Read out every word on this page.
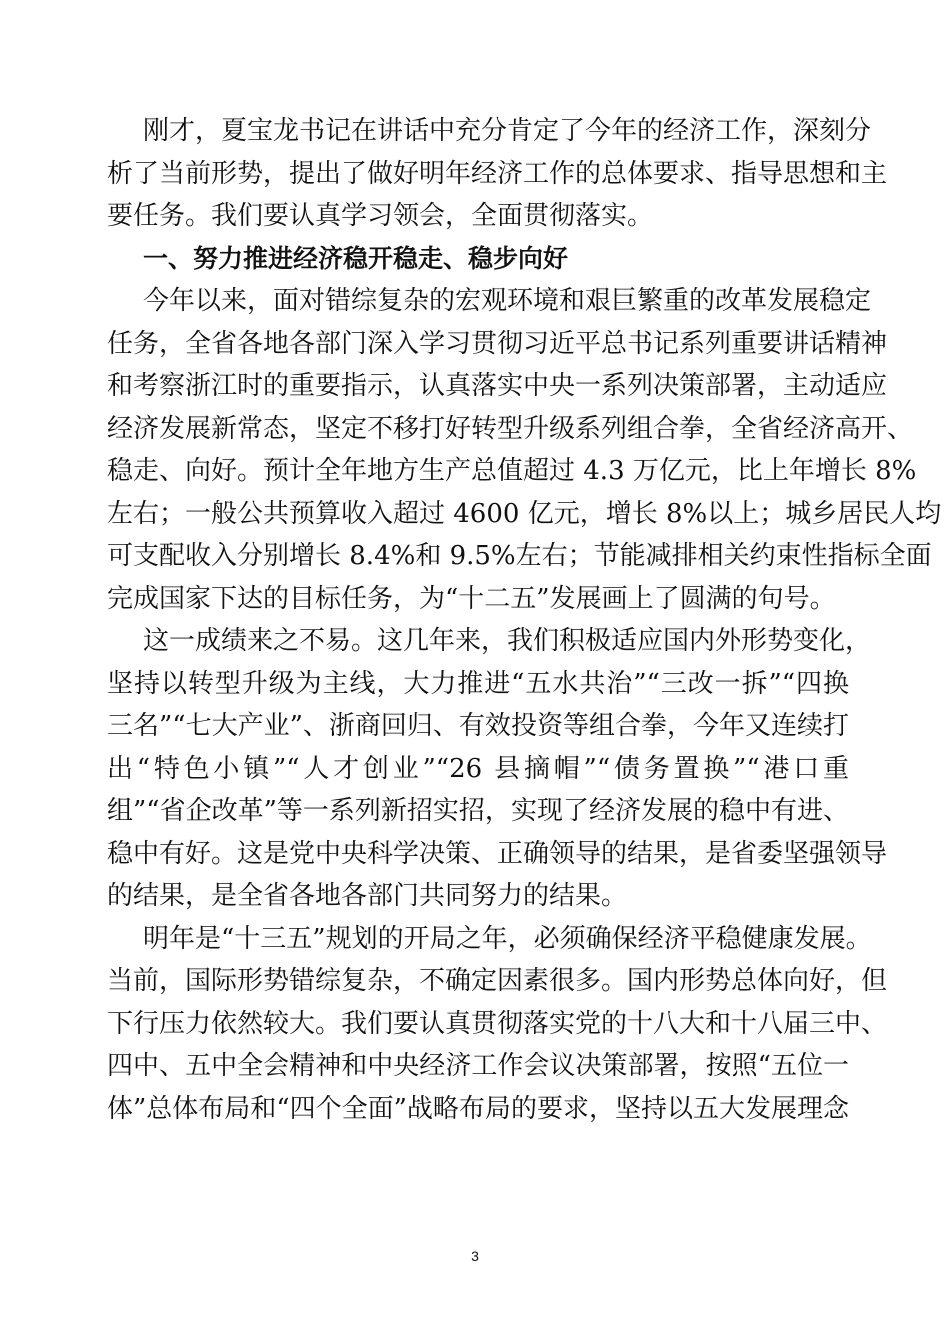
刚才，夏宝龙书记在讲话中充分肯定了今年的经济工作，深刻分
析了当前形势，提出了做好明年经济工作的总体要求、指导思想和主
要任务。我们要认真学习领会，全面贯彻落实。
一、努力推进经济稳开稳走、稳步向好
今年以来，面对错综复杂的宏观环境和艰巨繁重的改革发展稳定
任务，全省各地各部门深入学习贯彻习近平总书记系列重要讲话精神
和考察浙江时的重要指示，认真落实中央一系列决策部署，主动适应
经济发展新常态，坚定不移打好转型升级系列组合拳，全省经济高开、
稳走、向好。预计全年地方生产总值超过 4.3 万亿元，比上年增长 8%
左右；一般公共预算收入超过 4600 亿元，增长 8%以上；城乡居民人均
可支配收入分别增长 8.4%和 9.5%左右；节能减排相关约束性指标全面
完成国家下达的目标任务，为“十二五”发展画上了圆满的句号。
这一成绩来之不易。这几年来，我们积极适应国内外形势变化，
坚持以转型升级为主线，大力推进“五水共治”“三改一拆”“四换
三名”“七大产业”、浙商回归、有效投资等组合拳，今年又连续打
出“特色小镇”“人才创业”“26 县摘帽”“债务置换”“港口重
组”“省企改革”等一系列新招实招，实现了经济发展的稳中有进、
稳中有好。这是党中央科学决策、正确领导的结果，是省委坚强领导
的结果，是全省各地各部门共同努力的结果。
明年是“十三五”规划的开局之年，必须确保经济平稳健康发展。
当前，国际形势错综复杂，不确定因素很多。国内形势总体向好，但
下行压力依然较大。我们要认真贯彻落实党的十八大和十八届三中、
四中、五中全会精神和中央经济工作会议决策部署，按照“五位一
体”总体布局和“四个全面”战略布局的要求，坚持以五大发展理念
3
